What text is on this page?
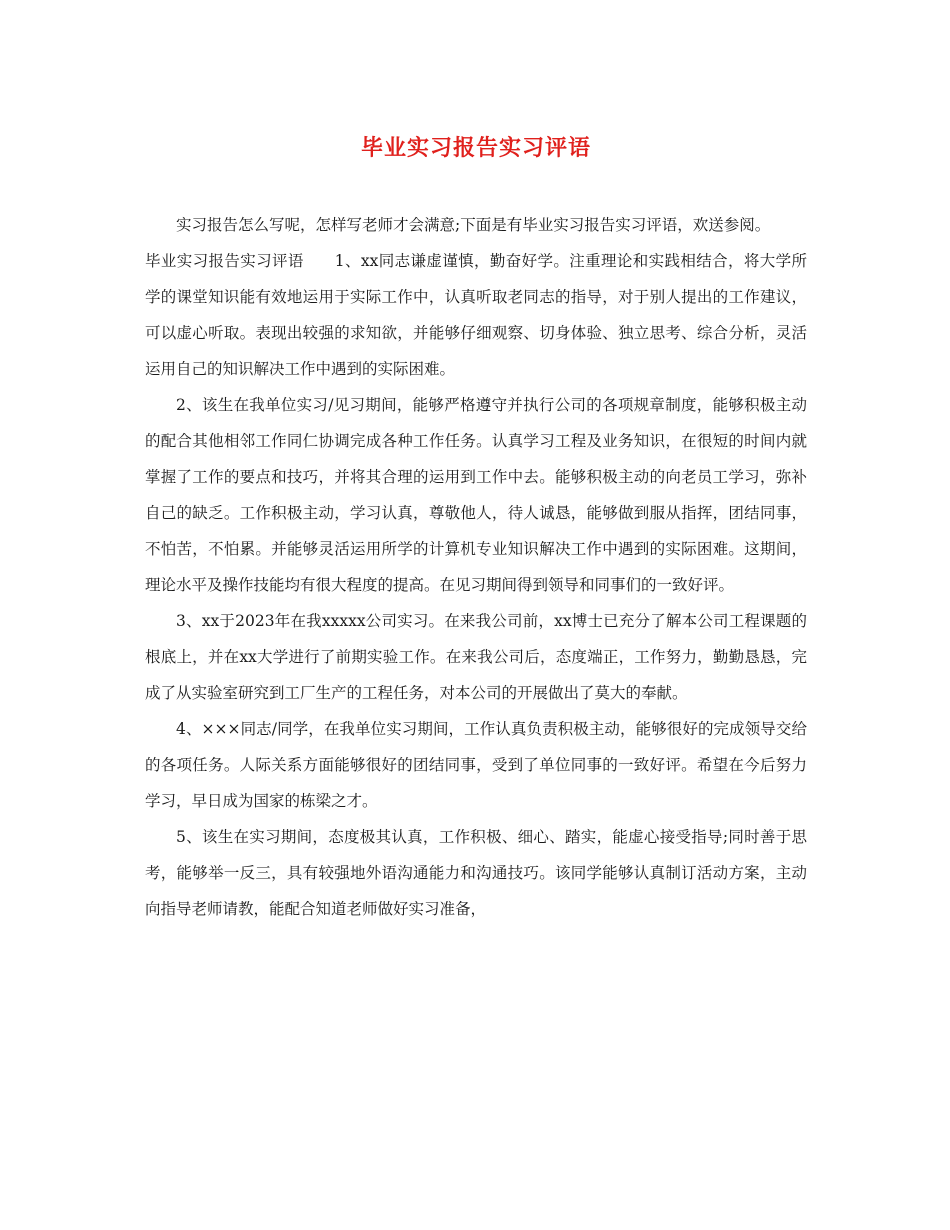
毕业实习报告实习评语

实习报告怎么写呢，怎样写老师才会满意;下面是有毕业实习报告实习评语，欢送参阅。

毕业实习报告实习评语 1、xx同志谦虚谨慎，勤奋好学。注重理论和实践相结合，将大学所学的课堂知识能有效地运用于实际工作中，认真听取老同志的指导，对于别人提出的工作建议，可以虚心听取。表现出较强的求知欲，并能够仔细观察、切身体验、独立思考、综合分析，灵活运用自己的知识解决工作中遇到的实际困难。

2、该生在我单位实习/见习期间，能够严格遵守并执行公司的各项规章制度，能够积极主动的配合其他相邻工作同仁协调完成各种工作任务。认真学习工程及业务知识，在很短的时间内就掌握了工作的要点和技巧，并将其合理的运用到工作中去。能够积极主动的向老员工学习，弥补自己的缺乏。工作积极主动，学习认真，尊敬他人，待人诚恳，能够做到服从指挥，团结同事，不怕苦，不怕累。并能够灵活运用所学的计算机专业知识解决工作中遇到的实际困难。这期间，理论水平及操作技能均有很大程度的提高。在见习期间得到领导和同事们的一致好评。

3、xx于2023年在我xxxxx公司实习。在来我公司前，xx博士已充分了解本公司工程课题的根底上，并在xx大学进行了前期实验工作。在来我公司后，态度端正，工作努力，勤勤恳恳，完成了从实验室研究到工厂生产的工程任务，对本公司的开展做出了莫大的奉献。

4、×××同志/同学，在我单位实习期间，工作认真负责积极主动，能够很好的完成领导交给的各项任务。人际关系方面能够很好的团结同事，受到了单位同事的一致好评。希望在今后努力学习，早日成为国家的栋梁之才。

5、该生在实习期间，态度极其认真，工作积极、细心、踏实，能虚心接受指导;同时善于思考，能够举一反三，具有较强地外语沟通能力和沟通技巧。该同学能够认真制订活动方案，主动向指导老师请教，能配合知道老师做好实习准备，
